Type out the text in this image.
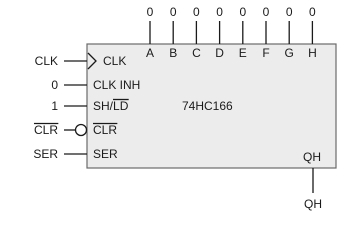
0
A
0
B
0
C
0
D
0
E
0
F
0
G
0
H
CLK	CLK
0	CLK INH
1	SH/LD
CLR	CLR
SER	SER
74HC166
QH
QH
